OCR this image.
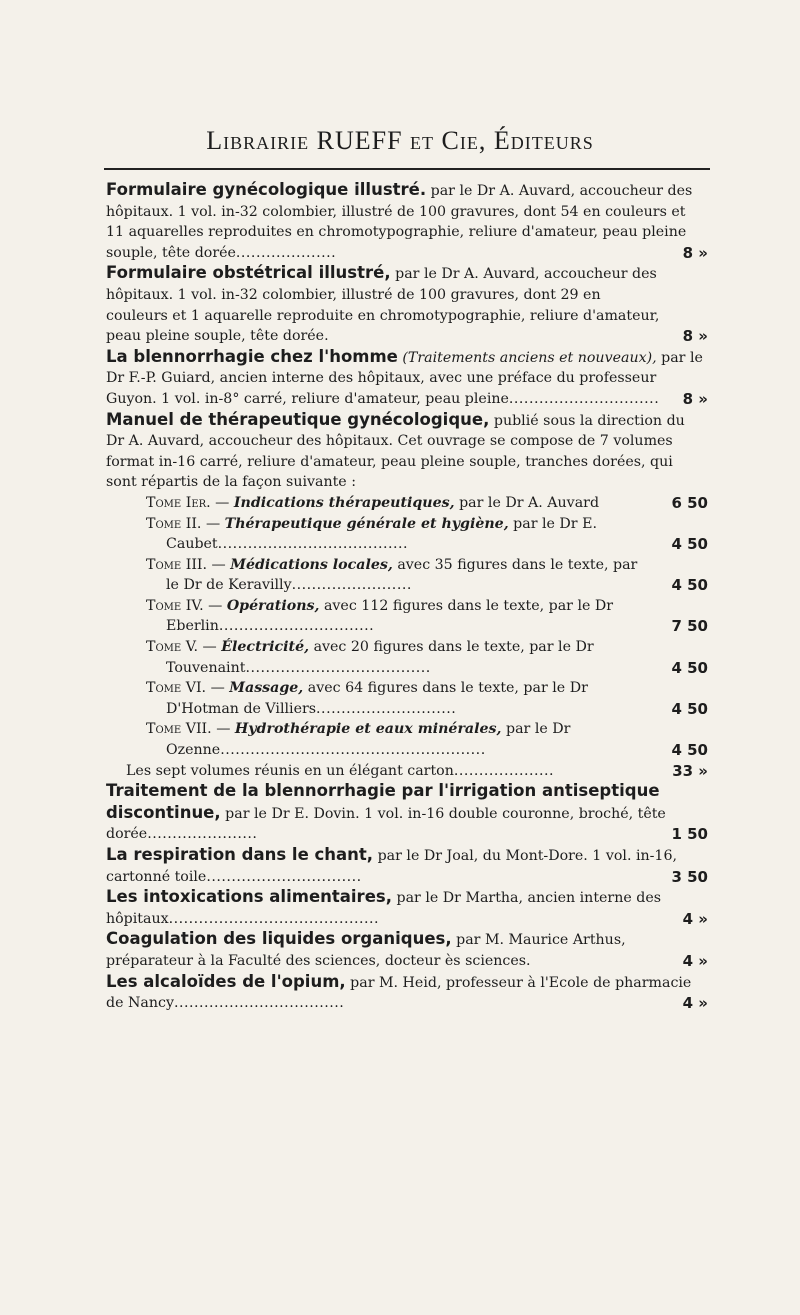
Librairie RUEFF et Cie, Éditeurs
Formulaire gynécologique illustré. par le Dr A. Auvard, accoucheur des hôpitaux. 1 vol. in-32 colombier, illustré de 100 gravures, dont 54 en couleurs et 11 aquarelles reproduites en chromotypographie, reliure d'amateur, peau pleine souple, tête dorée....................	8 »
Formulaire obstétrical illustré, par le Dr A. Auvard, accoucheur des hôpitaux. 1 vol. in-32 colombier, illustré de 100 gravures, dont 29 en couleurs et 1 aquarelle reproduite en chromotypographie, reliure d'amateur, peau pleine souple, tête dorée.	8 »
La blennorrhagie chez l'homme (Traitements anciens et nouveaux), par le Dr F.-P. Guiard, ancien interne des hôpitaux, avec une préface du professeur Guyon. 1 vol. in-8° carré, reliure d'amateur, peau pleine.............................. 8 »
Manuel de thérapeutique gynécologique, publié sous la direction du Dr A. Auvard, accoucheur des hôpitaux. Cet ouvrage se compose de 7 volumes format in-16 carré, reliure d'amateur, peau pleine souple, tranches dorées, qui sont répartis de la façon suivante :
Tome Ier. — Indications thérapeutiques, par le Dr A. Auvard	6 50
Tome II. — Thérapeutique générale et hygiène, par le Dr E. Caubet......................................	4 50
Tome III. — Médications locales, avec 35 figures dans le texte, par le Dr de Keravilly........................	4 50
Tome IV. — Opérations, avec 112 figures dans le texte, par le Dr Eberlin...............................	7 50
Tome V. — Électricité, avec 20 figures dans le texte, par le Dr Touvenaint.....................................	4 50
Tome VI. — Massage, avec 64 figures dans le texte, par le Dr D'Hotman de Villiers............................	4 50
Tome VII. — Hydrothérapie et eaux minérales, par le Dr Ozenne.....................................................	4 50
Les sept volumes réunis en un élégant carton....................	33 »
Traitement de la blennorrhagie par l'irrigation antiseptique discontinue, par le Dr E. Dovin. 1 vol. in-16 double couronne, broché, tête dorée......................	1 50
La respiration dans le chant, par le Dr Joal, du Mont-Dore. 1 vol. in-16, cartonné toile...............................	3 50
Les intoxications alimentaires, par le Dr Martha, ancien interne des hôpitaux..........................................	4 »
Coagulation des liquides organiques, par M. Maurice Arthus, préparateur à la Faculté des sciences, docteur ès sciences.	4 »
Les alcaloïdes de l'opium, par M. Heid, professeur à l'Ecole de pharmacie de Nancy..................................	4 »
